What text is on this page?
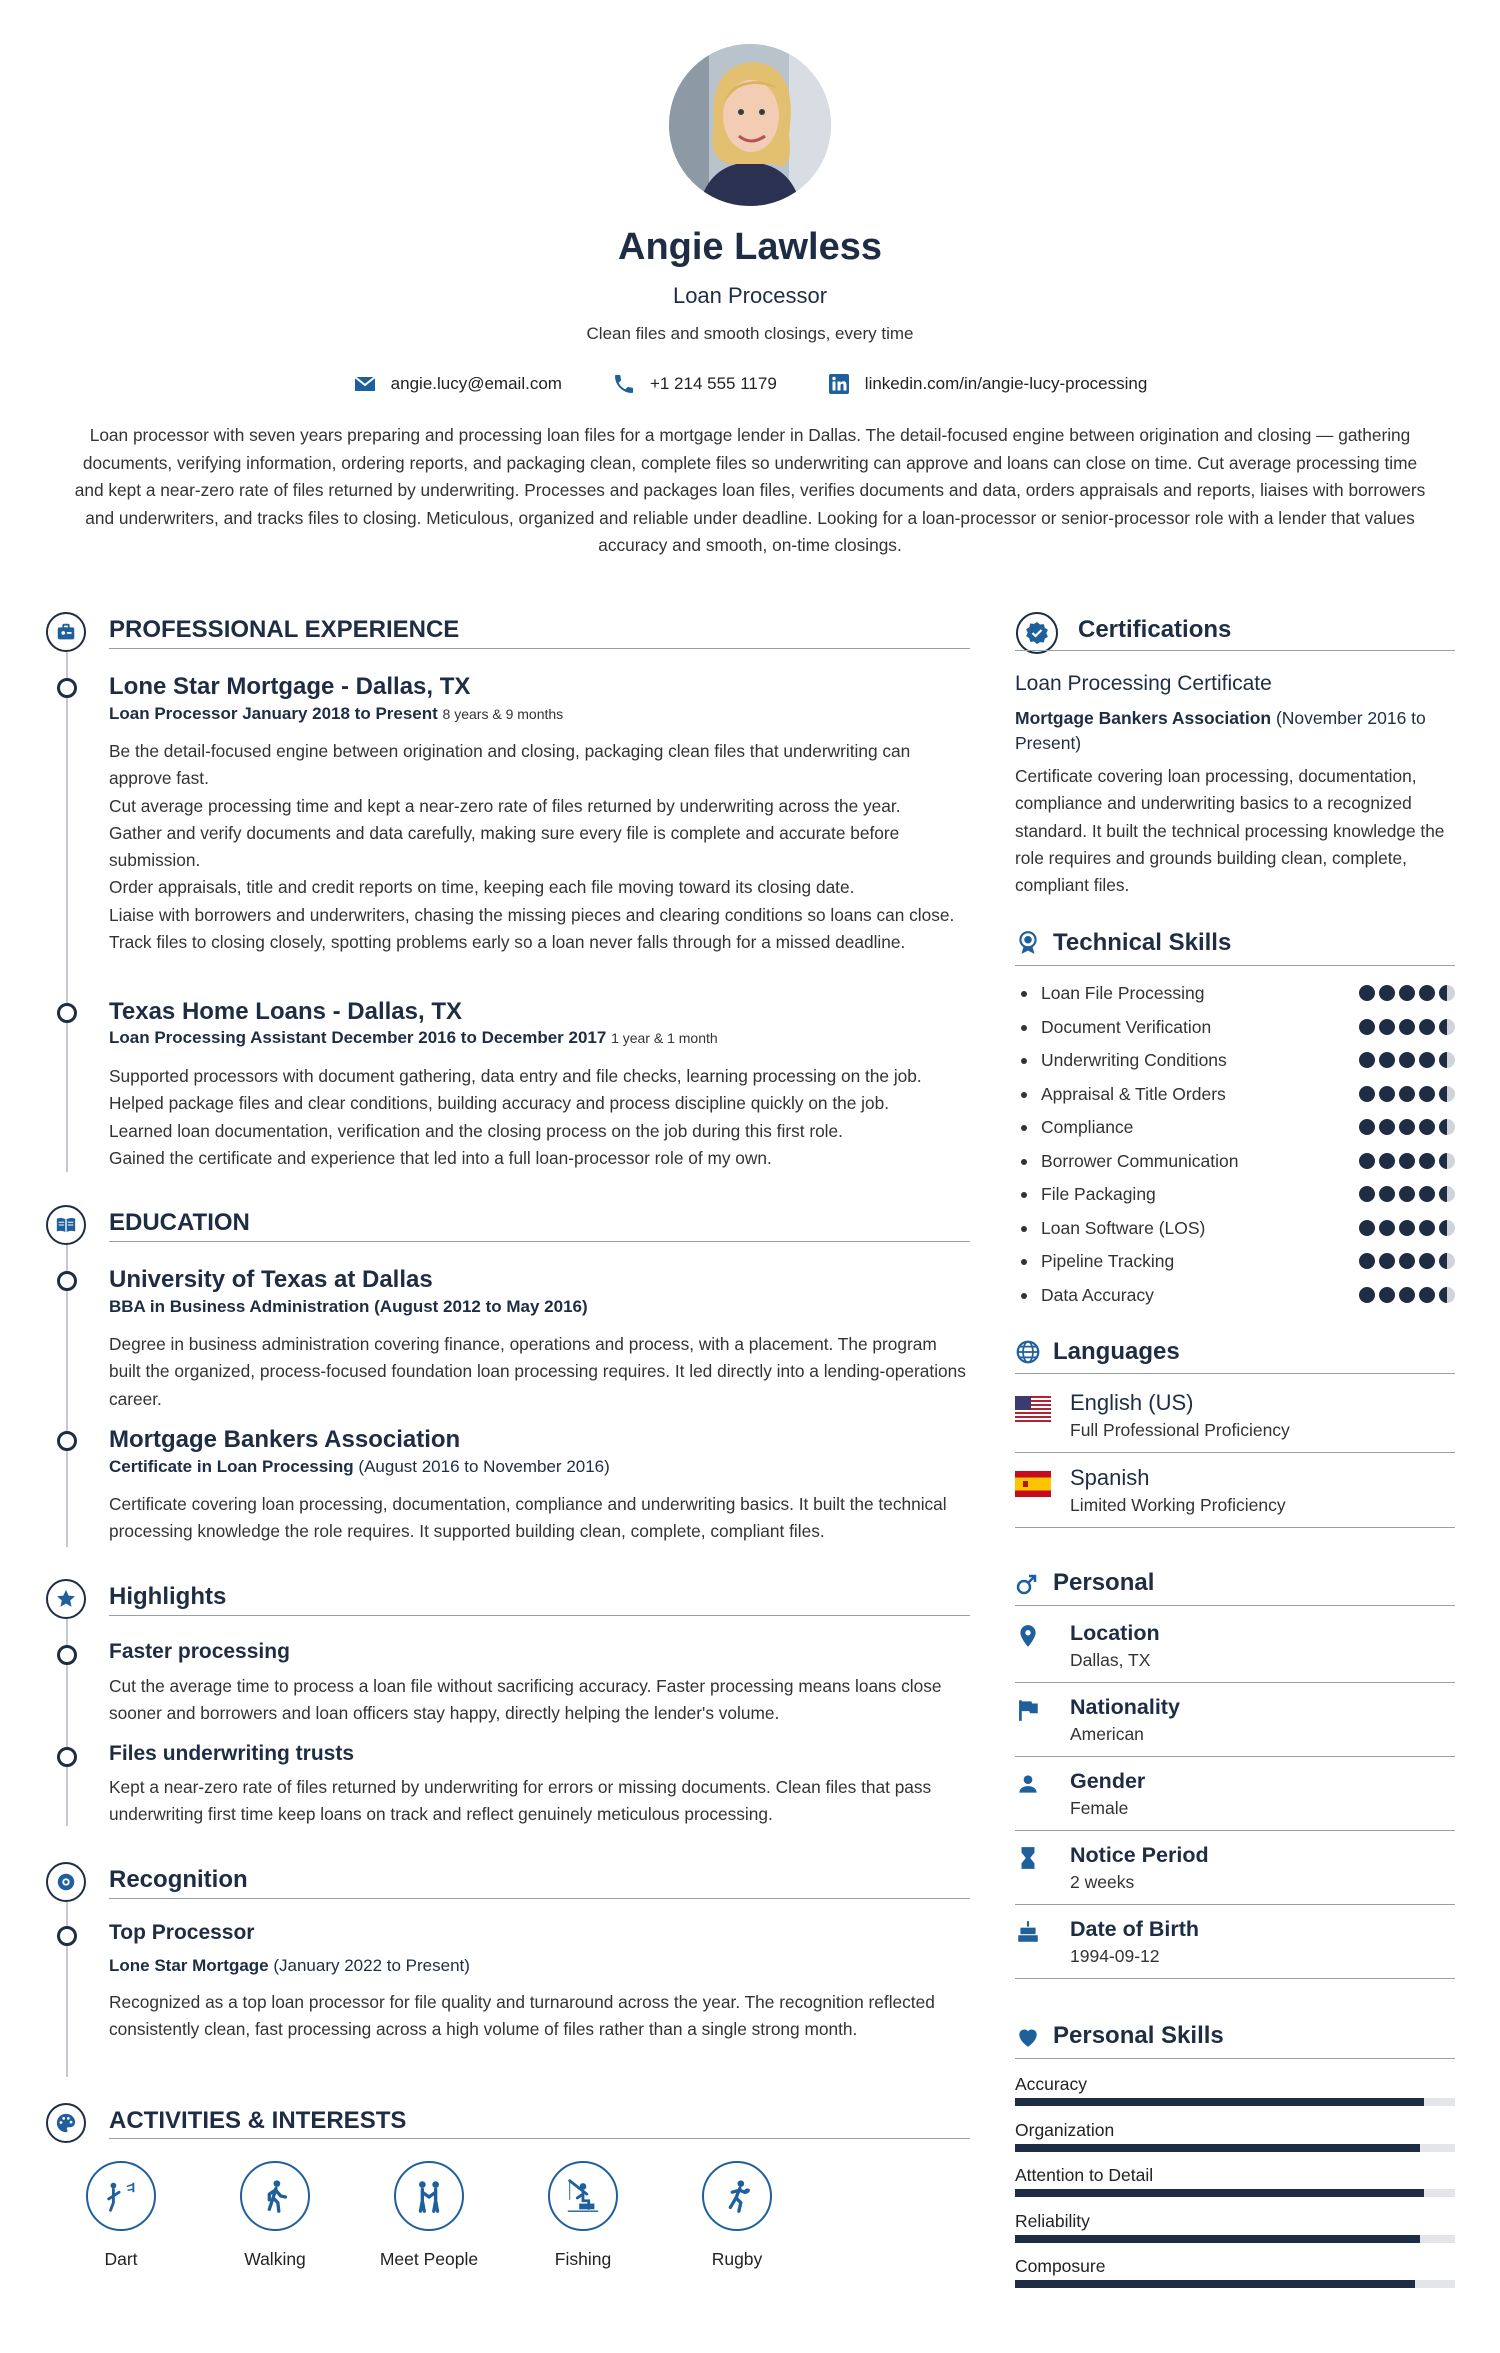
Angie Lawless
Loan Processor
Clean files and smooth closings, every time
angie.lucy@email.com	+1 214 555 1179	linkedin.com/in/angie-lucy-processing
Loan processor with seven years preparing and processing loan files for a mortgage lender in Dallas. The detail-focused engine between origination and closing — gathering documents, verifying information, ordering reports, and packaging clean, complete files so underwriting can approve and loans can close on time. Cut average processing time and kept a near-zero rate of files returned by underwriting. Processes and packages loan files, verifies documents and data, orders appraisals and reports, liaises with borrowers and underwriters, and tracks files to closing. Meticulous, organized and reliable under deadline. Looking for a loan-processor or senior-processor role with a lender that values accuracy and smooth, on-time closings.
PROFESSIONAL EXPERIENCE
Lone Star Mortgage - Dallas, TX
Loan Processor January 2018 to Present 8 years & 9 months

Be the detail-focused engine between origination and closing, packaging clean files that underwriting can approve fast.

Cut average processing time and kept a near-zero rate of files returned by underwriting across the year.

Gather and verify documents and data carefully, making sure every file is complete and accurate before submission.

Order appraisals, title and credit reports on time, keeping each file moving toward its closing date.

Liaise with borrowers and underwriters, chasing the missing pieces and clearing conditions so loans can close.

Track files to closing closely, spotting problems early so a loan never falls through for a missed deadline.

Texas Home Loans - Dallas, TX
Loan Processing Assistant December 2016 to December 2017 1 year & 1 month

Supported processors with document gathering, data entry and file checks, learning processing on the job.

Helped package files and clear conditions, building accuracy and process discipline quickly on the job.

Learned loan documentation, verification and the closing process on the job during this first role.

Gained the certificate and experience that led into a full loan-processor role of my own.

EDUCATION
University of Texas at Dallas
BBA in Business Administration (August 2012 to May 2016)
Degree in business administration covering finance, operations and process, with a placement. The program built the organized, process-focused foundation loan processing requires. It led directly into a lending-operations career.
Mortgage Bankers Association
Certificate in Loan Processing (August 2016 to November 2016)
Certificate covering loan processing, documentation, compliance and underwriting basics. It built the technical processing knowledge the role requires. It supported building clean, complete, compliant files.
Highlights
Faster processing
Cut the average time to process a loan file without sacrificing accuracy. Faster processing means loans close sooner and borrowers and loan officers stay happy, directly helping the lender's volume.
Files underwriting trusts
Kept a near-zero rate of files returned by underwriting for errors or missing documents. Clean files that pass underwriting first time keep loans on track and reflect genuinely meticulous processing.
Recognition
Top Processor
Lone Star Mortgage (January 2022 to Present)
Recognized as a top loan processor for file quality and turnaround across the year. The recognition reflected consistently clean, fast processing across a high volume of files rather than a single strong month.
ACTIVITIES & INTERESTS
Dart	Walking	Meet People	Fishing	Rugby
Certifications
Loan Processing Certificate
Mortgage Bankers Association (November 2016 to Present)
Certificate covering loan processing, documentation, compliance and underwriting basics to a recognized standard. It built the technical processing knowledge the role requires and grounds building clean, complete, compliant files.
Technical Skills
Loan File Processing
Document Verification
Underwriting Conditions
Appraisal & Title Orders
Compliance
Borrower Communication
File Packaging
Loan Software (LOS)
Pipeline Tracking
Data Accuracy
Languages
English (US)
Full Professional Proficiency
Spanish
Limited Working Proficiency
Personal
Location
Dallas, TX
Nationality
American
Gender
Female
Notice Period
2 weeks
Date of Birth
1994-09-12
Personal Skills
Accuracy
Organization
Attention to Detail
Reliability
Composure
